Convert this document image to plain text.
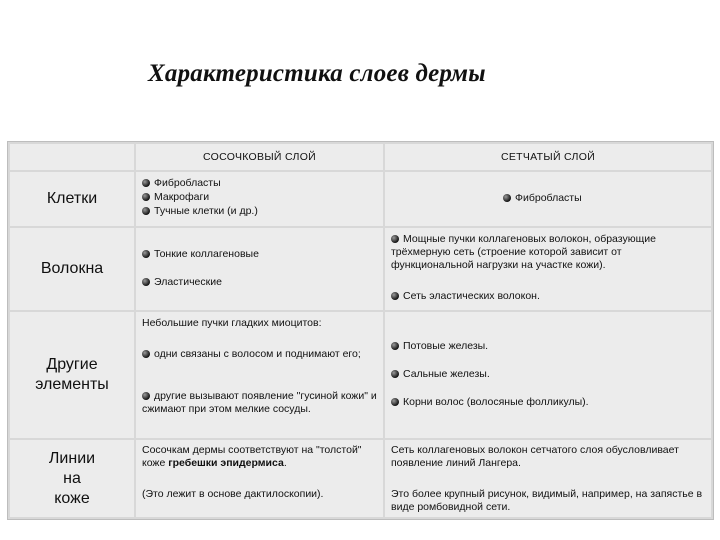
Характеристика слоев дермы
СОСОЧКОВЫЙ СЛОЙ	СЕТЧАТЫЙ СЛОЙ
Клетки
Фибробласты
Макрофаги
Тучные клетки (и др.)
Фибробласты
Волокна
Тонкие коллагеновые
Эластические
Мощные пучки коллагеновых волокон, образующие трёхмерную сеть (строение которой зависит от функциональной нагрузки на участке кожи).
Сеть эластических волокон.
Другие
элементы
Небольшие пучки гладких миоцитов:
одни связаны с волосом и поднимают его;
другие вызывают появление "гусиной кожи" и сжимают при этом мелкие сосуды.
Потовые железы.
Сальные железы.
Корни волос (волосяные фолликулы).
Линии
на
коже
Сосочкам дермы соответствуют на "толстой" коже гребешки эпидермиса.
(Это лежит в основе дактилоскопии).
Сеть коллагеновых волокон сетчатого слоя обусловливает появление линий Лангера.
Это более крупный рисунок, видимый, например, на запястье в виде ромбовидной сети.
